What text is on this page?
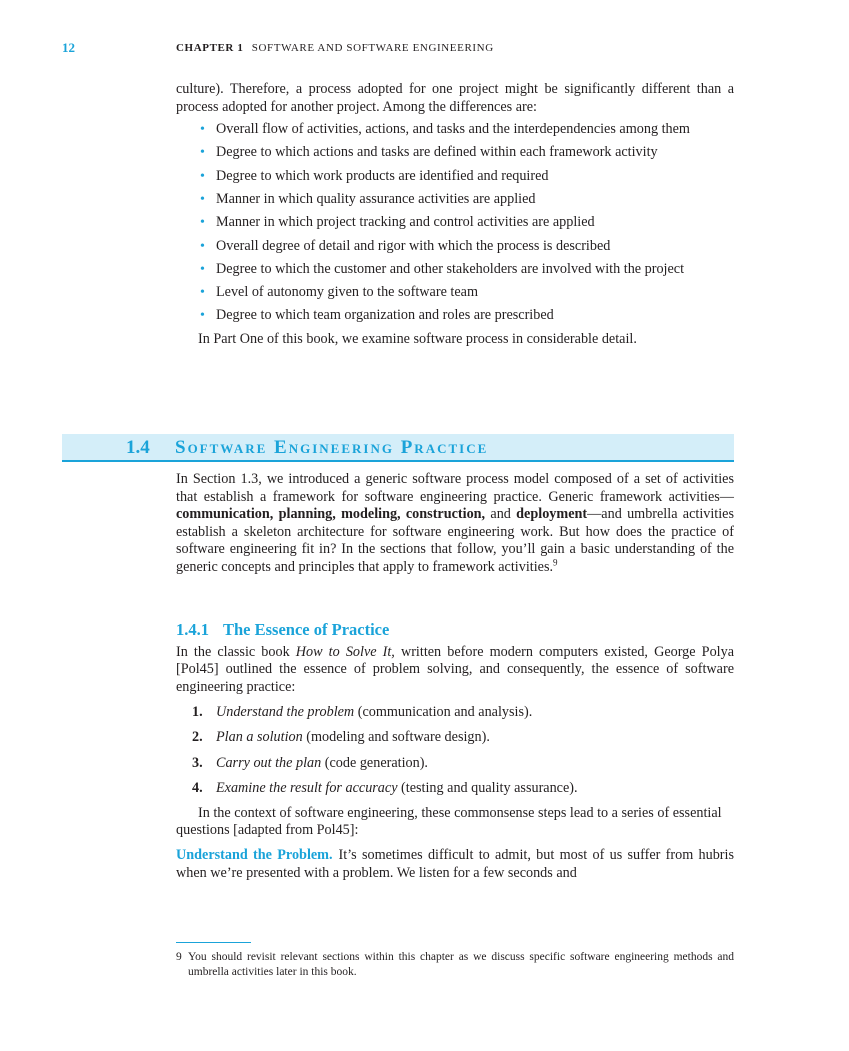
12	CHAPTER 1 SOFTWARE AND SOFTWARE ENGINEERING

culture). Therefore, a process adopted for one project might be significantly different than a process adopted for another project. Among the differences are:

• Overall flow of activities, actions, and tasks and the interdependencies among them
• Degree to which actions and tasks are defined within each framework activity
• Degree to which work products are identified and required
• Manner in which quality assurance activities are applied
• Manner in which project tracking and control activities are applied
• Overall degree of detail and rigor with which the process is described
• Degree to which the customer and other stakeholders are involved with the project
• Level of autonomy given to the software team
• Degree to which team organization and roles are prescribed

In Part One of this book, we examine software process in considerable detail.

1.4 Software Engineering Practice

In Section 1.3, we introduced a generic software process model composed of a set of activities that establish a framework for software engineering practice. Generic framework activities—communication, planning, modeling, construction, and deployment—and umbrella activities establish a skeleton architecture for software engineering work. But how does the practice of software engineering fit in? In the sections that follow, you’ll gain a basic understanding of the generic concepts and principles that apply to framework activities.$^9$

1.4.1 The Essence of Practice

In the classic book How to Solve It, written before modern computers existed, George Polya [Pol45] outlined the essence of problem solving, and consequently, the essence of software engineering practice:

1. Understand the problem (communication and analysis).
2. Plan a solution (modeling and software design).
3. Carry out the plan (code generation).
4. Examine the result for accuracy (testing and quality assurance).

In the context of software engineering, these commonsense steps lead to a series of essential questions [adapted from Pol45]:

Understand the Problem. It’s sometimes difficult to admit, but most of us suffer from hubris when we’re presented with a problem. We listen for a few seconds and

9 You should revisit relevant sections within this chapter as we discuss specific software engineering methods and umbrella activities later in this book.
